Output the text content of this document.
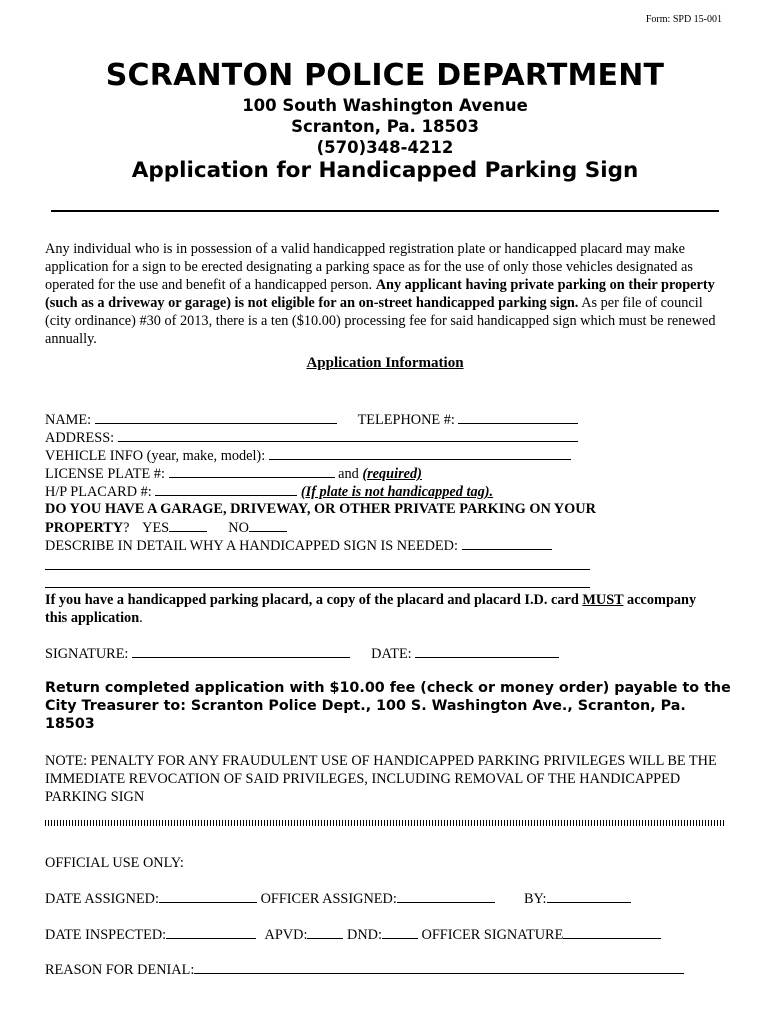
Form: SPD 15-001
SCRANTON POLICE DEPARTMENT
100 South Washington Avenue
Scranton, Pa. 18503
(570)348-4212
Application for Handicapped Parking Sign
Any individual who is in possession of a valid handicapped registration plate or handicapped placard may make application for a sign to be erected designating a parking space as for the use of only those vehicles designated as operated for the use and benefit of a handicapped person. Any applicant having private parking on their property (such as a driveway or garage) is not eligible for an on-street handicapped parking sign. As per file of council (city ordinance) #30 of 2013, there is a ten ($10.00) processing fee for said handicapped sign which must be renewed annually.
Application Information
NAME:	TELEPHONE #:
ADDRESS:
VEHICLE INFO (year, make, model):
LICENSE PLATE #:	and (required)
H/P PLACARD #:	(If plate is not handicapped tag).
DO YOU HAVE A GARAGE, DRIVEWAY, OR OTHER PRIVATE PARKING ON YOUR
PROPERTY? YES	NO
DESCRIBE IN DETAIL WHY A HANDICAPPED SIGN IS NEEDED:
If you have a handicapped parking placard, a copy of the placard and placard I.D. card MUST accompany this application.
SIGNATURE:	DATE:
Return completed application with $10.00 fee (check or money order) payable to the City Treasurer to: Scranton Police Dept., 100 S. Washington Ave., Scranton, Pa. 18503
NOTE: PENALTY FOR ANY FRAUDULENT USE OF HANDICAPPED PARKING PRIVILEGES WILL BE THE IMMEDIATE REVOCATION OF SAID PRIVILEGES, INCLUDING REMOVAL OF THE HANDICAPPED PARKING SIGN
OFFICIAL USE ONLY:
DATE ASSIGNED:	OFFICER ASSIGNED:	BY:
DATE INSPECTED:	APVD:	DND:	OFFICER SIGNATURE
REASON FOR DENIAL:
